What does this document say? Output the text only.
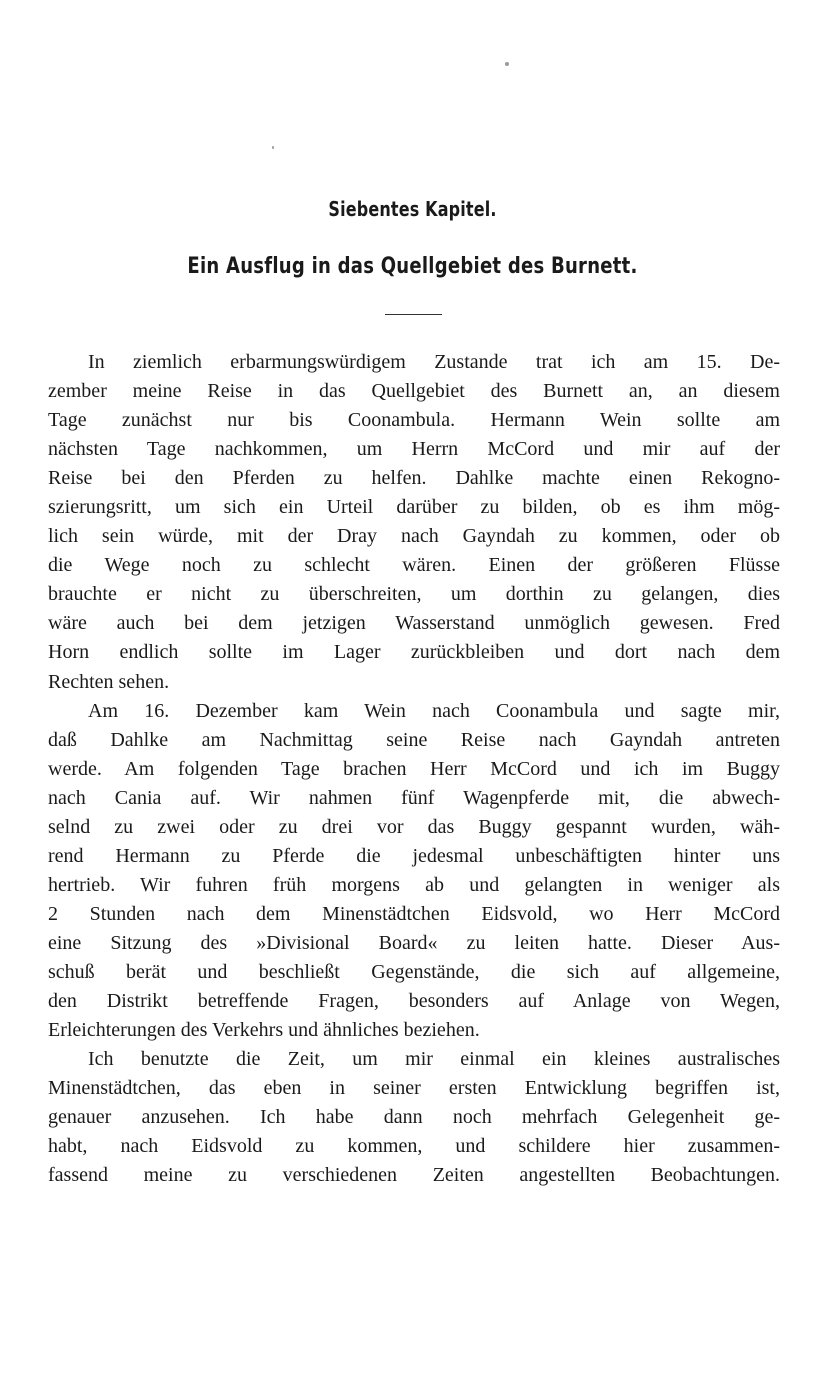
Siebentes Kapitel.
Ein Ausflug in das Quellgebiet des Burnett.
In ziemlich erbarmungswürdigem Zustande trat ich am 15. De-
zember meine Reise in das Quellgebiet des Burnett an, an diesem
Tage zunächst nur bis Coonambula. Hermann Wein sollte am
nächsten Tage nachkommen, um Herrn McCord und mir auf der
Reise bei den Pferden zu helfen. Dahlke machte einen Rekogno-
szierungsritt, um sich ein Urteil darüber zu bilden, ob es ihm mög-
lich sein würde, mit der Dray nach Gayndah zu kommen, oder ob
die Wege noch zu schlecht wären. Einen der größeren Flüsse
brauchte er nicht zu überschreiten, um dorthin zu gelangen, dies
wäre auch bei dem jetzigen Wasserstand unmöglich gewesen. Fred
Horn endlich sollte im Lager zurückbleiben und dort nach dem
Rechten sehen.
Am 16. Dezember kam Wein nach Coonambula und sagte mir,
daß Dahlke am Nachmittag seine Reise nach Gayndah antreten
werde. Am folgenden Tage brachen Herr McCord und ich im Buggy
nach Cania auf. Wir nahmen fünf Wagenpferde mit, die abwech-
selnd zu zwei oder zu drei vor das Buggy gespannt wurden, wäh-
rend Hermann zu Pferde die jedesmal unbeschäftigten hinter uns
hertrieb. Wir fuhren früh morgens ab und gelangten in weniger als
2 Stunden nach dem Minenstädtchen Eidsvold, wo Herr McCord
eine Sitzung des »Divisional Board« zu leiten hatte. Dieser Aus-
schuß berät und beschließt Gegenstände, die sich auf allgemeine,
den Distrikt betreffende Fragen, besonders auf Anlage von Wegen,
Erleichterungen des Verkehrs und ähnliches beziehen.
Ich benutzte die Zeit, um mir einmal ein kleines australisches
Minenstädtchen, das eben in seiner ersten Entwicklung begriffen ist,
genauer anzusehen. Ich habe dann noch mehrfach Gelegenheit ge-
habt, nach Eidsvold zu kommen, und schildere hier zusammen-
fassend meine zu verschiedenen Zeiten angestellten Beobachtungen.
